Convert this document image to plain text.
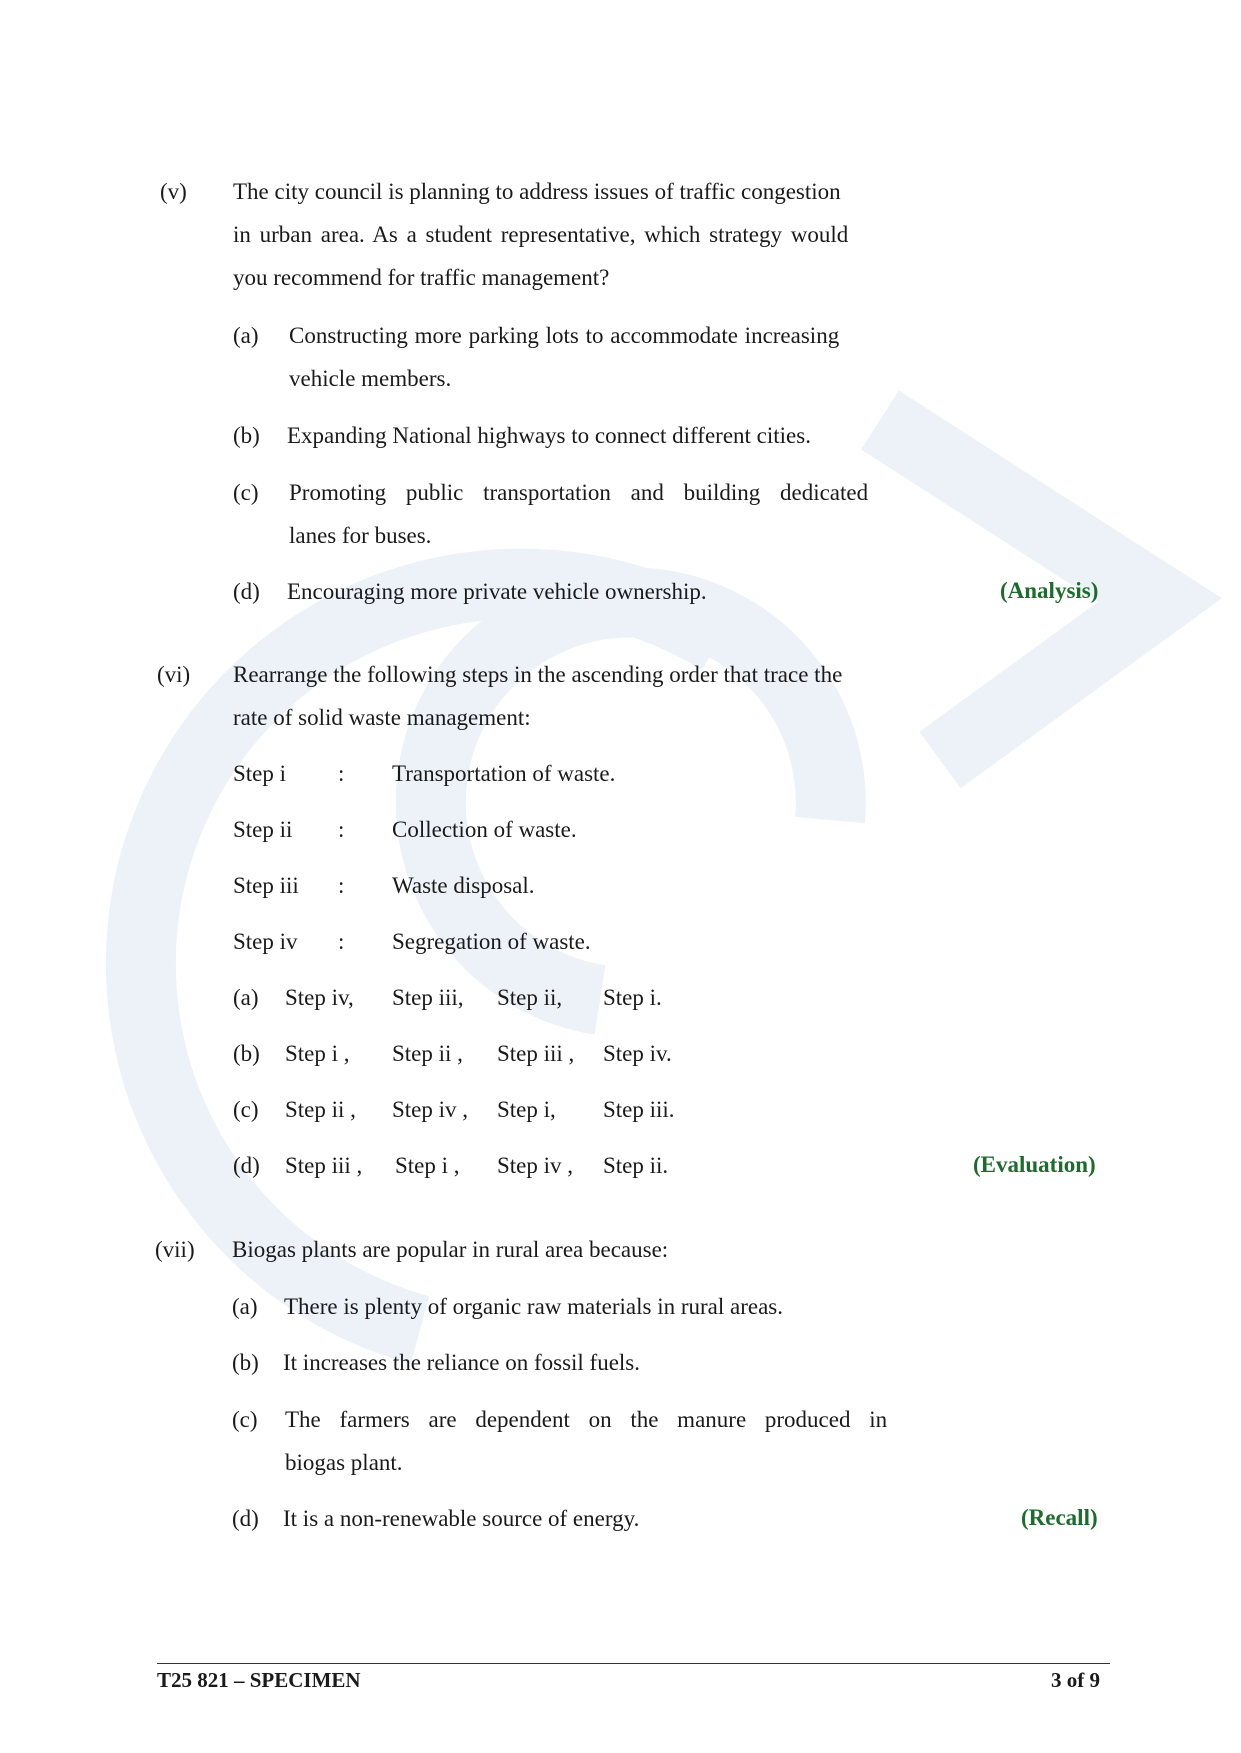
(v) The city council is planning to address issues of traffic congestion
in urban area. As a student representative, which strategy would
you recommend for traffic management?
(a) Constructing more parking lots to accommodate increasing
vehicle members.
(b) Expanding National highways to connect different cities.
(c) Promoting public transportation and building dedicated
lanes for buses.
(d) Encouraging more private vehicle ownership.	(Analysis)
(vi) Rearrange the following steps in the ascending order that trace the
rate of solid waste management:
Step i : Transportation of waste.
Step ii : Collection of waste.
Step iii : Waste disposal.
Step iv : Segregation of waste.
(a) Step iv, Step iii, Step ii, Step i.
(b) Step i , Step ii , Step iii , Step iv.
(c) Step ii , Step iv , Step i, Step iii.
(d) Step iii , Step i , Step iv , Step ii.	(Evaluation)
(vii) Biogas plants are popular in rural area because:
(a) There is plenty of organic raw materials in rural areas.
(b) It increases the reliance on fossil fuels.
(c) The farmers are dependent on the manure produced in
biogas plant.
(d) It is a non-renewable source of energy.	(Recall)
T25 821 – SPECIMEN	3 of 9
